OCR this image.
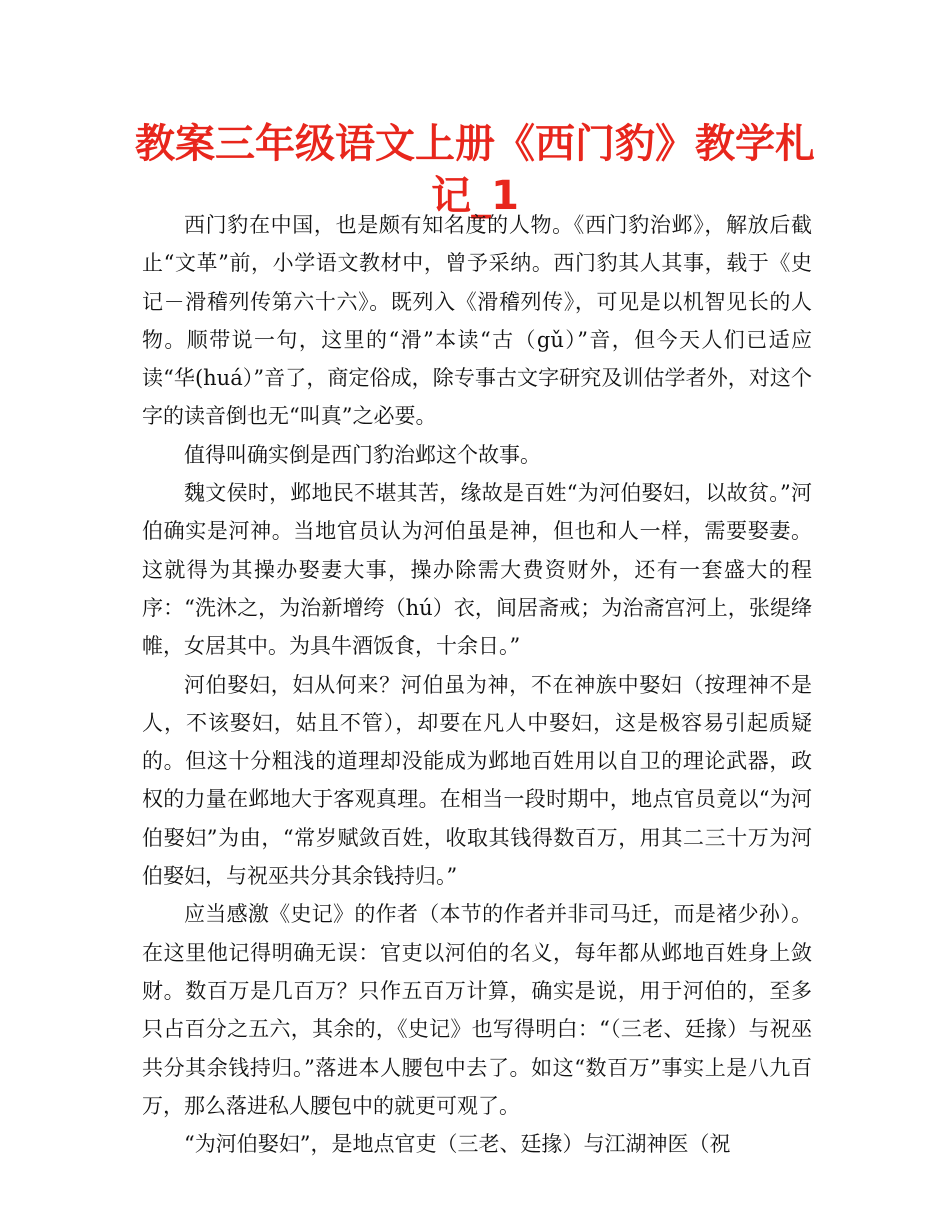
教案三年级语文上册《西门豹》教学札记_1

西门豹在中国，也是颇有知名度的人物。《西门豹治邺》，解放后截止“文革”前，小学语文教材中，曾予采纳。西门豹其人其事，载于《史记－滑稽列传第六十六》。既列入《滑稽列传》，可见是以机智见长的人物。顺带说一句，这里的“滑”本读“古（gǔ）”音，但今天人们已适应读“华(huá）”音了，商定俗成，除专事古文字研究及训估学者外，对这个字的读音倒也无“叫真”之必要。

值得叫确实倒是西门豹治邺这个故事。

魏文侯时，邺地民不堪其苦，缘故是百姓“为河伯娶妇，以故贫。”河伯确实是河神。当地官员认为河伯虽是神，但也和人一样，需要娶妻。这就得为其操办娶妻大事，操办除需大费资财外，还有一套盛大的程序：“洗沐之，为治新增绔（hú）衣，间居斋戒；为治斋宫河上，张缇绛帷，女居其中。为具牛酒饭食，十余日。”

河伯娶妇，妇从何来？河伯虽为神，不在神族中娶妇（按理神不是人，不该娶妇，姑且不管），却要在凡人中娶妇，这是极容易引起质疑的。但这十分粗浅的道理却没能成为邺地百姓用以自卫的理论武器，政权的力量在邺地大于客观真理。在相当一段时期中，地点官员竟以“为河伯娶妇”为由，“常岁赋敛百姓，收取其钱得数百万，用其二三十万为河伯娶妇，与祝巫共分其余钱持归。”

应当感激《史记》的作者（本节的作者并非司马迁，而是褚少孙）。在这里他记得明确无误：官吏以河伯的名义，每年都从邺地百姓身上敛财。数百万是几百万？只作五百万计算，确实是说，用于河伯的，至多只占百分之五六，其余的，《史记》也写得明白：“（三老、廷掾）与祝巫共分其余钱持归。”落进本人腰包中去了。如这“数百万”事实上是八九百万，那么落进私人腰包中的就更可观了。

“为河伯娶妇”，是地点官吏（三老、廷掾）与江湖神医（祝
